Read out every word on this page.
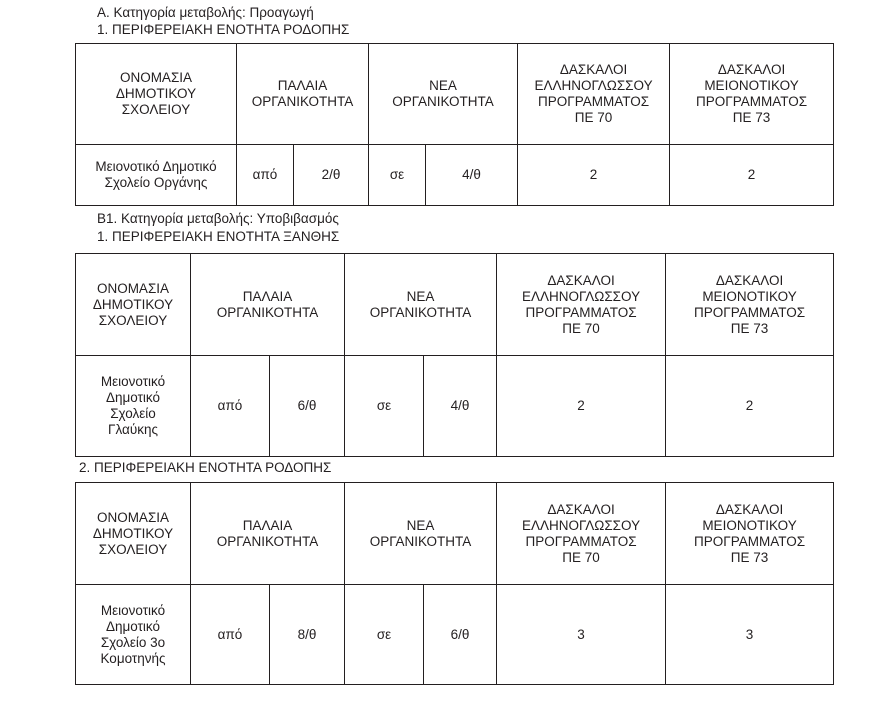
Α. Κατηγορία μεταβολής: Προαγωγή
1. ΠΕΡΙΦΕΡΕΙΑΚΗ ΕΝΟΤΗΤΑ ΡΟΔΟΠΗΣ
ΟΝΟΜΑΣΙΑ
ΔΗΜΟΤΙΚΟΥ
ΣΧΟΛΕΙΟΥ	ΠΑΛΑΙΑ
ΟΡΓΑΝΙΚΟΤΗΤΑ		ΝΕΑ
ΟΡΓΑΝΙΚΟΤΗΤΑ		ΔΑΣΚΑΛΟΙ
ΕΛΛΗΝΟΓΛΩΣΣΟΥ
ΠΡΟΓΡΑΜΜΑΤΟΣ
ΠΕ 70	ΔΑΣΚΑΛΟΙ
ΜΕΙΟΝΟΤΙΚΟΥ
ΠΡΟΓΡΑΜΜΑΤΟΣ
ΠΕ 73
Μειονοτικό Δημοτικό
Σχολείο Οργάνης	από	2/θ	σε	4/θ	2	2
Β1. Κατηγορία μεταβολής: Υποβιβασμός
1. ΠΕΡΙΦΕΡΕΙΑΚΗ ΕΝΟΤΗΤΑ ΞΑΝΘΗΣ
ΟΝΟΜΑΣΙΑ
ΔΗΜΟΤΙΚΟΥ
ΣΧΟΛΕΙΟΥ	ΠΑΛΑΙΑ
ΟΡΓΑΝΙΚΟΤΗΤΑ		ΝΕΑ
ΟΡΓΑΝΙΚΟΤΗΤΑ		ΔΑΣΚΑΛΟΙ
ΕΛΛΗΝΟΓΛΩΣΣΟΥ
ΠΡΟΓΡΑΜΜΑΤΟΣ
ΠΕ 70	ΔΑΣΚΑΛΟΙ
ΜΕΙΟΝΟΤΙΚΟΥ
ΠΡΟΓΡΑΜΜΑΤΟΣ
ΠΕ 73
Μειονοτικό
Δημοτικό
Σχολείο
Γλαύκης	από	6/θ	σε	4/θ	2	2
2. ΠΕΡΙΦΕΡΕΙΑΚΗ ΕΝΟΤΗΤΑ ΡΟΔΟΠΗΣ
ΟΝΟΜΑΣΙΑ
ΔΗΜΟΤΙΚΟΥ
ΣΧΟΛΕΙΟΥ	ΠΑΛΑΙΑ
ΟΡΓΑΝΙΚΟΤΗΤΑ		ΝΕΑ
ΟΡΓΑΝΙΚΟΤΗΤΑ		ΔΑΣΚΑΛΟΙ
ΕΛΛΗΝΟΓΛΩΣΣΟΥ
ΠΡΟΓΡΑΜΜΑΤΟΣ
ΠΕ 70	ΔΑΣΚΑΛΟΙ
ΜΕΙΟΝΟΤΙΚΟΥ
ΠΡΟΓΡΑΜΜΑΤΟΣ
ΠΕ 73
Μειονοτικό
Δημοτικό
Σχολείο 3ο
Κομοτηνής	από	8/θ	σε	6/θ	3	3
